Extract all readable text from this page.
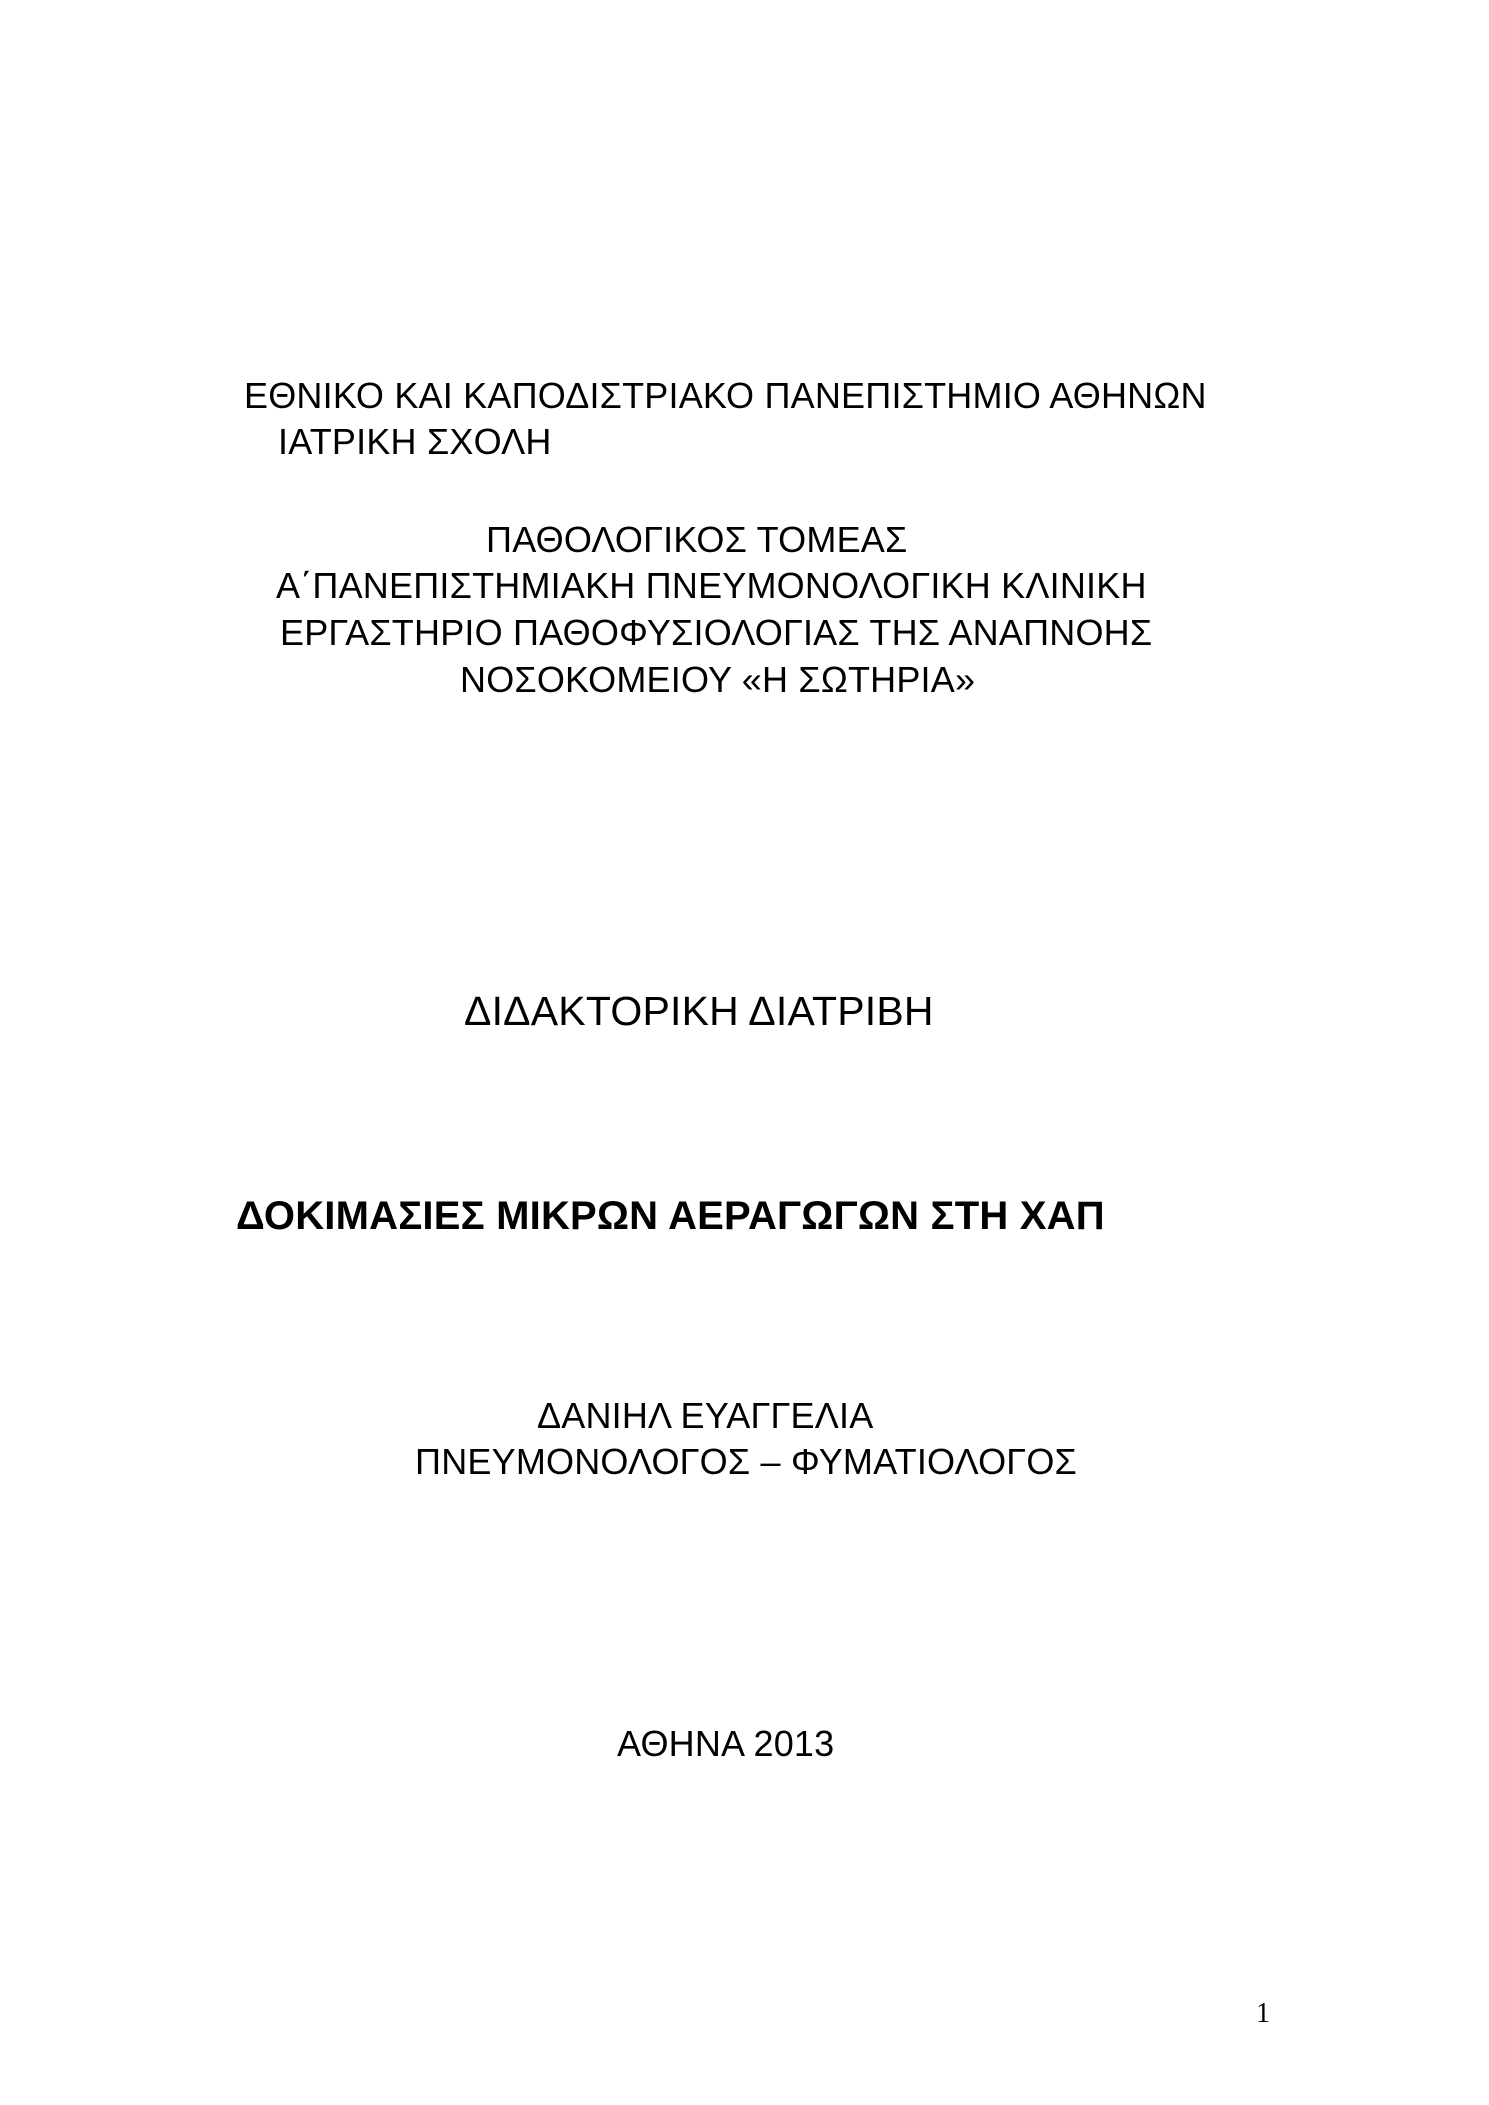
ΕΘΝΙΚΟ ΚΑΙ ΚΑΠΟΔΙΣΤΡΙΑΚΟ ΠΑΝΕΠΙΣΤΗΜΙΟ ΑΘΗΝΩΝ
ΙΑΤΡΙΚΗ ΣΧΟΛΗ
ΠΑΘΟΛΟΓΙΚΟΣ ΤΟΜΕΑΣ
Α΄ΠΑΝΕΠΙΣΤΗΜΙΑΚΗ ΠΝΕΥΜΟΝΟΛΟΓΙΚΗ ΚΛΙΝΙΚΗ
ΕΡΓΑΣΤΗΡΙΟ ΠΑΘΟΦΥΣΙΟΛΟΓΙΑΣ ΤΗΣ ΑΝΑΠΝΟΗΣ
ΝΟΣΟΚΟΜΕΙΟΥ «Η ΣΩΤΗΡΙΑ»
ΔΙΔΑΚΤΟΡΙΚΗ ΔΙΑΤΡΙΒΗ
ΔΟΚΙΜΑΣΙΕΣ ΜΙΚΡΩΝ ΑΕΡΑΓΩΓΩΝ ΣΤΗ ΧΑΠ
ΔΑΝΙΗΛ ΕΥΑΓΓΕΛΙΑ
ΠΝΕΥΜΟΝΟΛΟΓΟΣ – ΦΥΜΑΤΙΟΛΟΓΟΣ
ΑΘΗΝΑ 2013
1
